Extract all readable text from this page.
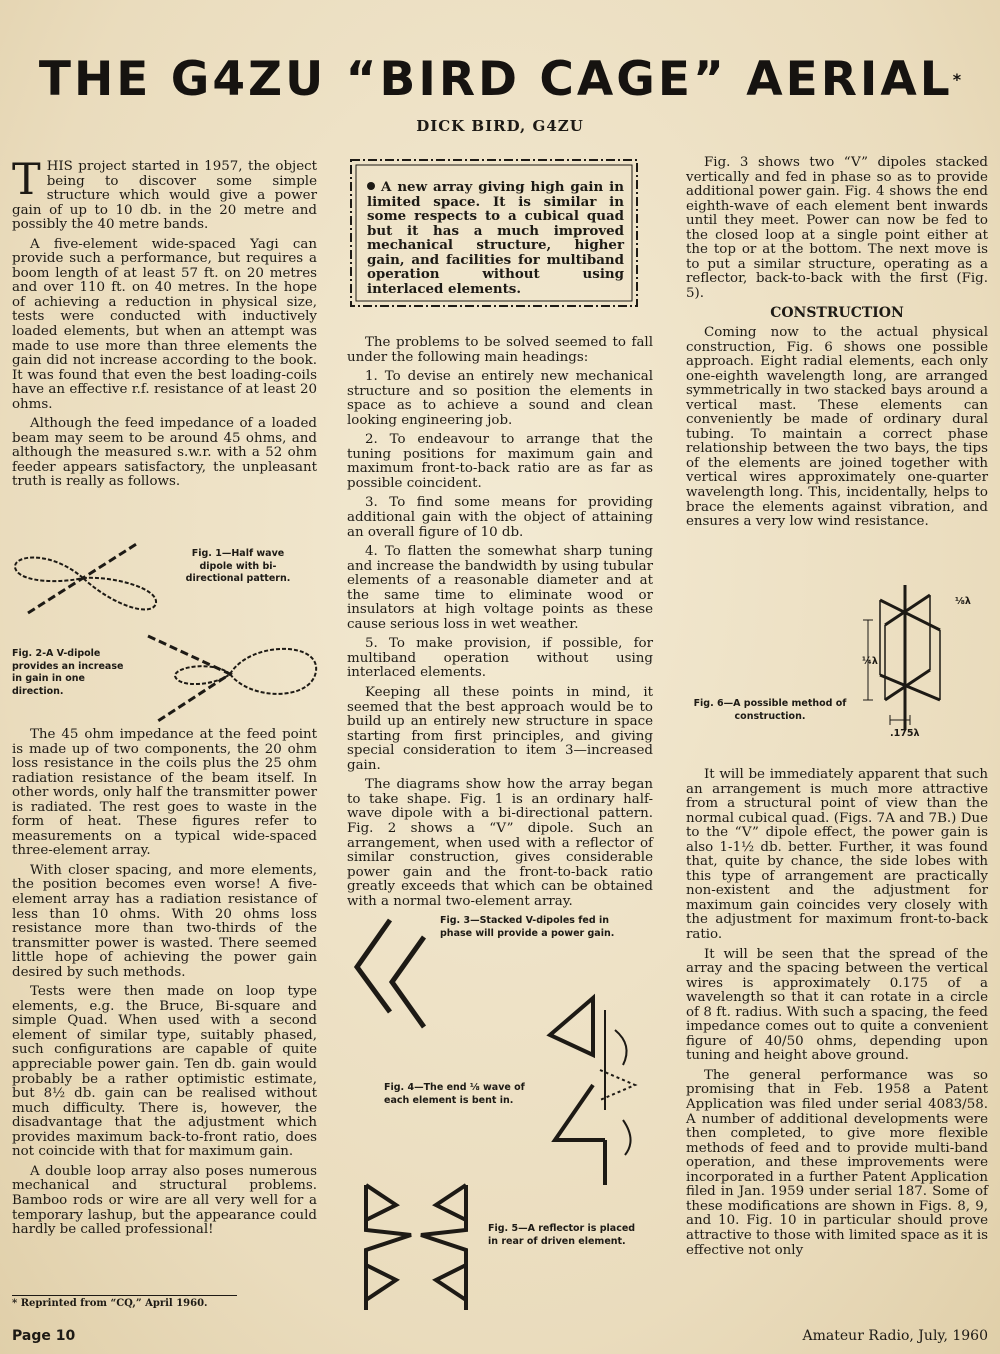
THE G4ZU “BIRD CAGE” AERIAL*
DICK BIRD, G4ZU

THIS project started in 1957, the object being to discover some simple structure which would give a power gain of up to 10 db. in the 20 metre and possibly the 40 metre bands.

A five-element wide-spaced Yagi can provide such a performance, but requires a boom length of at least 57 ft. on 20 metres and over 110 ft. on 40 metres. In the hope of achieving a reduction in physical size, tests were conducted with inductively loaded elements, but when an attempt was made to use more than three elements the gain did not increase according to the book. It was found that even the best loading-coils have an effective r.f. resistance of at least 20 ohms.

Although the feed impedance of a loaded beam may seem to be around 45 ohms, and although the measured s.w.r. with a 52 ohm feeder appears satisfactory, the unpleasant truth is really as follows.

Fig. 1—Half wave dipole with bi-directional pattern.
Fig. 2-A V-dipole provides an increase in gain in one direction.

The 45 ohm impedance at the feed point is made up of two components, the 20 ohm loss resistance in the coils plus the 25 ohm radiation resistance of the beam itself. In other words, only half the transmitter power is radiated. The rest goes to waste in the form of heat. These figures refer to measurements on a typical wide-spaced three-element array.

With closer spacing, and more elements, the position becomes even worse! A five-element array has a radiation resistance of less than 10 ohms. With 20 ohms loss resistance more than two-thirds of the transmitter power is wasted. There seemed little hope of achieving the power gain desired by such methods.

Tests were then made on loop type elements, e.g. the Bruce, Bi-square and simple Quad. When used with a second element of similar type, suitably phased, such configurations are capable of quite appreciable power gain. Ten db. gain would probably be a rather optimistic estimate, but 8½ db. gain can be realised without much difficulty. There is, however, the disadvantage that the adjustment which provides maximum back-to-front ratio, does not coincide with that for maximum gain.

A double loop array also poses numerous mechanical and structural problems. Bamboo rods or wire are all very well for a temporary lashup, but the appearance could hardly be called professional!

* Reprinted from “CQ,” April 1960.
A new array giving high gain in limited space. It is similar in some respects to a cubical quad but it has a much improved mechanical structure, higher gain, and facilities for multiband operation without using interlaced elements.

The problems to be solved seemed to fall under the following main headings:

1. To devise an entirely new mechanical structure and so position the elements in space as to achieve a sound and clean looking engineering job.

2. To endeavour to arrange that the tuning positions for maximum gain and maximum front-to-back ratio are as far as possible coincident.

3. To find some means for providing additional gain with the object of attaining an overall figure of 10 db.

4. To flatten the somewhat sharp tuning and increase the bandwidth by using tubular elements of a reasonable diameter and at the same time to eliminate wood or insulators at high voltage points as these cause serious loss in wet weather.

5. To make provision, if possible, for multiband operation without using interlaced elements.

Keeping all these points in mind, it seemed that the best approach would be to build up an entirely new structure in space starting from first principles, and giving special consideration to item 3—increased gain.

The diagrams show how the array began to take shape. Fig. 1 is an ordinary half-wave dipole with a bi-directional pattern. Fig. 2 shows a “V” dipole. Such an arrangement, when used with a reflector of similar construction, gives considerable power gain and the front-to-back ratio greatly exceeds that which can be obtained with a normal two-element array.

Fig. 3—Stacked V-dipoles fed in phase will provide a power gain.
Fig. 4—The end ⅛ wave of each element is bent in.
Fig. 5—A reflector is placed in rear of driven element.

Fig. 3 shows two “V” dipoles stacked vertically and fed in phase so as to provide additional power gain. Fig. 4 shows the end eighth-wave of each element bent inwards until they meet. Power can now be fed to the closed loop at a single point either at the top or at the bottom. The next move is to put a similar structure, operating as a reflector, back-to-back with the first (Fig. 5).

CONSTRUCTION

Coming now to the actual physical construction, Fig. 6 shows one possible approach. Eight radial elements, each only one-eighth wavelength long, are arranged symmetrically in two stacked bays around a vertical mast. These elements can conveniently be made of ordinary dural tubing. To maintain a correct phase relationship between the two bays, the tips of the elements are joined together with vertical wires approximately one-quarter wavelength long. This, incidentally, helps to brace the elements against vibration, and ensures a very low wind resistance.

Fig. 6—A possible method of construction.
⅛λ
¼λ
.175λ

It will be immediately apparent that such an arrangement is much more attractive from a structural point of view than the normal cubical quad. (Figs. 7A and 7B.) Due to the “V” dipole effect, the power gain is also 1-1½ db. better. Further, it was found that, quite by chance, the side lobes with this type of arrangement are practically non-existent and the adjustment for maximum gain coincides very closely with the adjustment for maximum front-to-back ratio.

It will be seen that the spread of the array and the spacing between the vertical wires is approximately 0.175 of a wavelength so that it can rotate in a circle of 8 ft. radius. With such a spacing, the feed impedance comes out to quite a convenient figure of 40/50 ohms, depending upon tuning and height above ground.

The general performance was so promising that in Feb. 1958 a Patent Application was filed under serial 4083/58. A number of additional developments were then completed, to give more flexible methods of feed and to provide multi-band operation, and these improvements were incorporated in a further Patent Application filed in Jan. 1959 under serial 187. Some of these modifications are shown in Figs. 8, 9, and 10. Fig. 10 in particular should prove attractive to those with limited space as it is effective not only

Page 10	Amateur Radio, July, 1960
